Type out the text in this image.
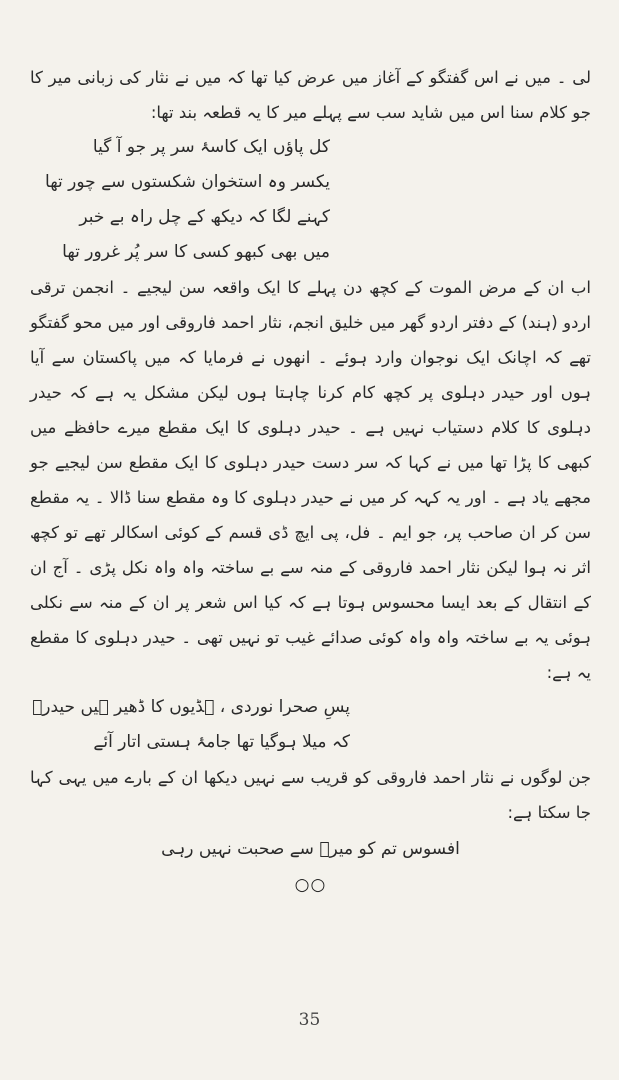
لی ۔ میں نے اس گفتگو کے آغاز میں عرض کیا تھا کہ میں نے نثار کی زبانی میر کا جو کلام سنا اس میں شاید سب سے پہلے میر کا یہ قطعہ بند تھا:

کل پاؤں ایک کاسۂ سر پر جو آ گیا
یکسر وہ استخوان شکستوں سے چور تھا
کہنے لگا کہ دیکھ کے چل راہ بے خبر
میں بھی کبھو کسی کا سر پُر غرور تھا

اب ان کے مرض الموت کے کچھ دن پہلے کا ایک واقعہ سن لیجیے ۔ انجمن ترقی اردو (ہند) کے دفتر اردو گھر میں خلیق انجم، نثار احمد فاروقی اور میں محو گفتگو تھے کہ اچانک ایک نوجوان وارد ہوئے ۔ انھوں نے فرمایا کہ میں پاکستان سے آیا ہوں اور حیدر دہلوی پر کچھ کام کرنا چاہتا ہوں لیکن مشکل یہ ہے کہ حیدر دہلوی کا کلام دستیاب نہیں ہے ۔ حیدر دہلوی کا ایک مقطع میرے حافظے میں کبھی کا پڑا تھا میں نے کہا کہ سر دست حیدر دہلوی کا ایک مقطع سن لیجیے جو مجھے یاد ہے ۔ اور یہ کہہ کر میں نے حیدر دہلوی کا وہ مقطع سنا ڈالا ۔ یہ مقطع سن کر ان صاحب پر، جو ایم ۔ فل، پی ایچ ڈی قسم کے کوئی اسکالر تھے تو کچھ اثر نہ ہوا لیکن نثار احمد فاروقی کے منہ سے بے ساختہ واہ واہ نکل پڑی ۔ آج ان کے انتقال کے بعد ایسا محسوس ہوتا ہے کہ کیا اس شعر پر ان کے منہ سے نکلی ہوئی یہ بے ساختہ واہ واہ کوئی صدائے غیب تو نہیں تھی ۔ حیدر دہلوی کا مقطع یہ ہے:

پسِ صحرا نوردی ، ہڈیوں کا ڈھیر ہیں حیدرؔ
کہ میلا ہوگیا تھا جامۂ ہستی اتار آئے

جن لوگوں نے نثار احمد فاروقی کو قریب سے نہیں دیکھا ان کے بارے میں یہی کہا جا سکتا ہے:

افسوس تم کو میرؔ سے صحبت نہیں رہی
○○
35
